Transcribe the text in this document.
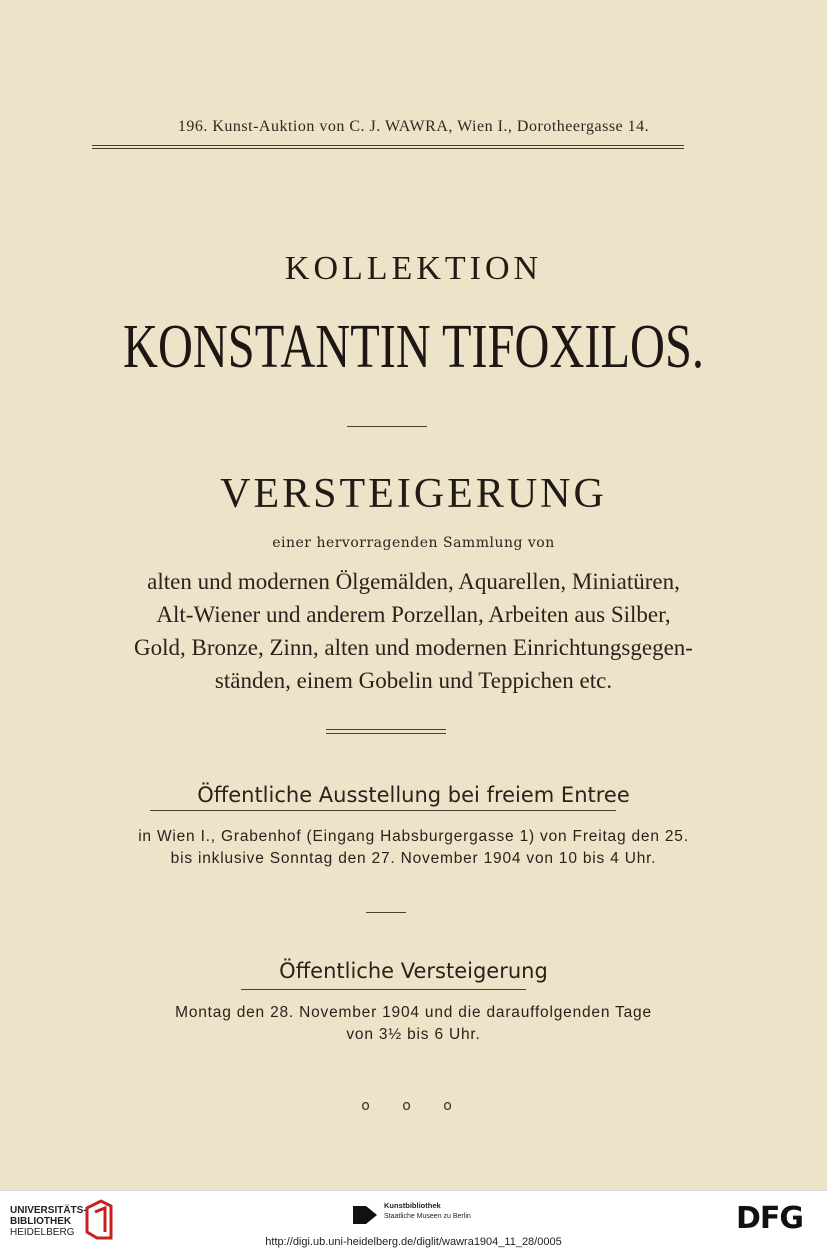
196. Kunst-Auktion von C. J. WAWRA, Wien I., Dorotheergasse 14.
KOLLEKTION
KONSTANTIN TIFOXILOS.
VERSTEIGERUNG
einer hervorragenden Sammlung von
alten und modernen Ölgemälden, Aquarellen, Miniatüren,
Alt-Wiener und anderem Porzellan, Arbeiten aus Silber,
Gold, Bronze, Zinn, alten und modernen Einrichtungsgegen-
ständen, einem Gobelin und Teppichen etc.
Öffentliche Ausstellung bei freiem Entree
in Wien I., Grabenhof (Eingang Habsburgergasse 1) von Freitag den 25.
bis inklusive Sonntag den 27. November 1904 von 10 bis 4 Uhr.
Öffentliche Versteigerung
Montag den 28. November 1904 und die darauffolgenden Tage
von 3½ bis 6 Uhr.
o o o
UNIVERSITÄTS-
BIBLIOTHEK
HEIDELBERG
Kunstbibliothek
Staatliche Museen zu Berlin	DFG
http://digi.ub.uni-heidelberg.de/diglit/wawra1904_11_28/0005
